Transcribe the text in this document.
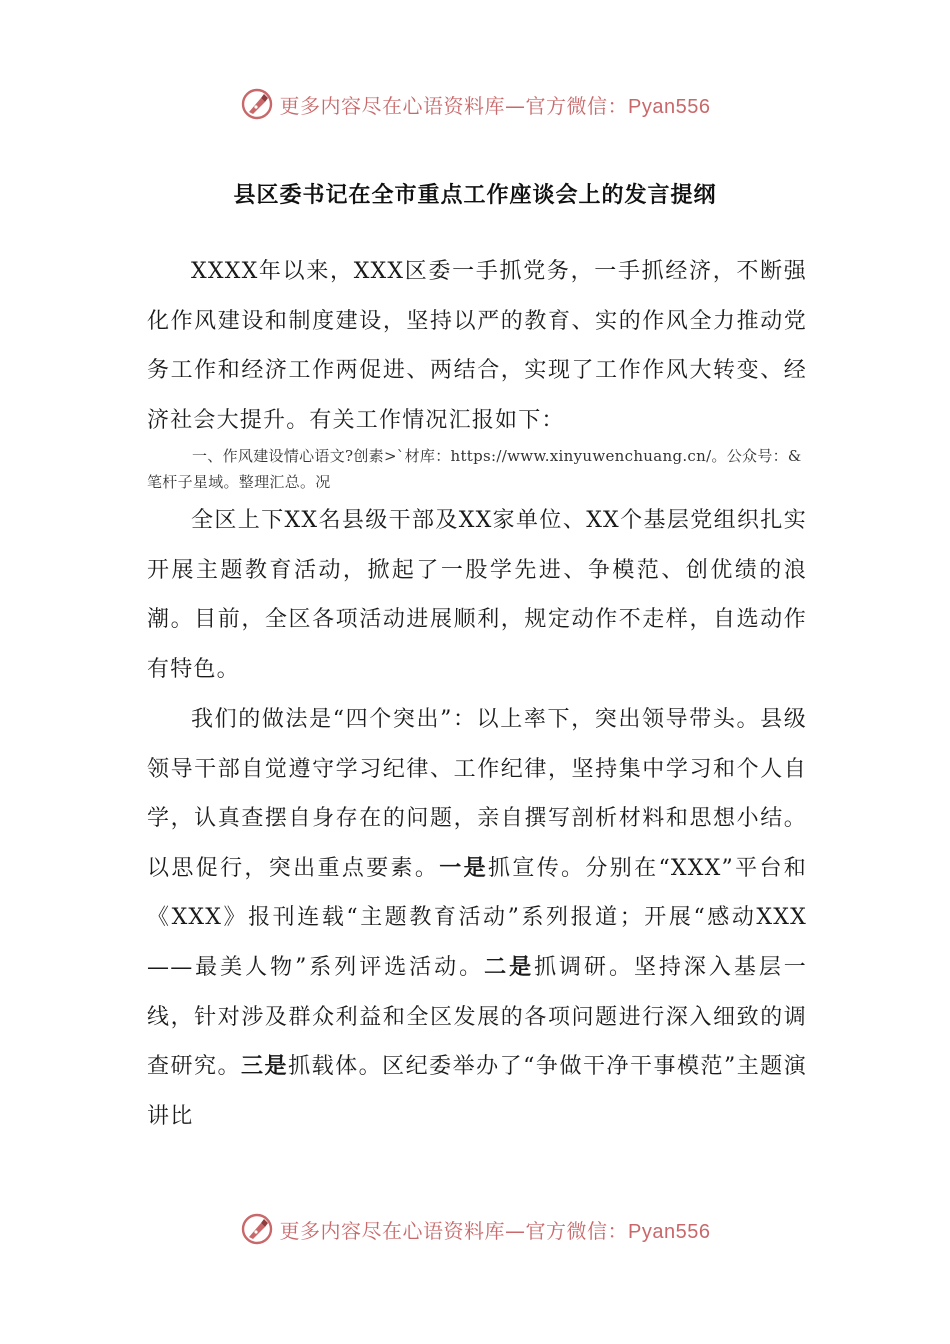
更多内容尽在心语资料库—官方微信：Pyan556
县区委书记在全市重点工作座谈会上的发言提纲

XXXX年以来，XXX区委一手抓党务，一手抓经济，不断强化作风建设和制度建设，坚持以严的教育、实的作风全力推动党务工作和经济工作两促进、两结合，实现了工作作风大转变、经济社会大提升。有关工作情况汇报如下：

一、作风建设情心语文?创素>`材库：https://www.xinyuwenchuang.cn/。公众号：&笔杆子星域。整理汇总。况

全区上下XX名县级干部及XX家单位、XX个基层党组织扎实开展主题教育活动，掀起了一股学先进、争模范、创优绩的浪潮。目前，全区各项活动进展顺利，规定动作不走样，自选动作有特色。

我们的做法是“四个突出”：以上率下，突出领导带头。县级领导干部自觉遵守学习纪律、工作纪律，坚持集中学习和个人自学，认真查摆自身存在的问题，亲自撰写剖析材料和思想小结。以思促行，突出重点要素。一是抓宣传。分别在“XXX”平台和《XXX》报刊连载“主题教育活动”系列报道；开展“感动XXX——最美人物”系列评选活动。二是抓调研。坚持深入基层一线，针对涉及群众利益和全区发展的各项问题进行深入细致的调查研究。三是抓载体。区纪委举办了“争做干净干事模范”主题演讲比

更多内容尽在心语资料库—官方微信：Pyan556
